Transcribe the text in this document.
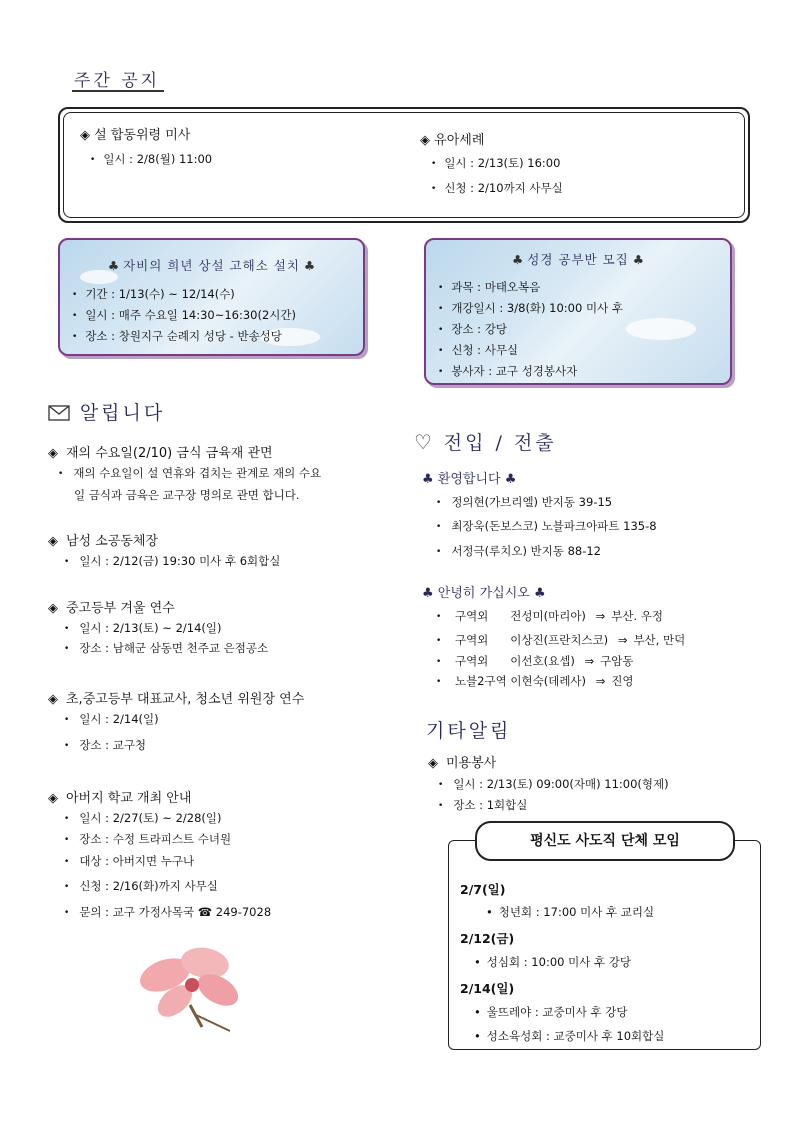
주간 공지
◈ 설 합동위령 미사
• 일시 : 2/8(월) 11:00
◈ 유아세례
• 일시 : 2/13(토) 16:00
• 신청 : 2/10까지 사무실
♣ 자비의 희년 상설 고해소 설치 ♣
• 기간 : 1/13(수) ~ 12/14(수)
• 일시 : 매주 수요일 14:30~16:30(2시간)
• 장소 : 창원지구 순례지 성당 - 반송성당
♣ 성경 공부반 모집 ♣
• 과목 : 마태오복음
• 개강일시 : 3/8(화) 10:00 미사 후
• 장소 : 강당
• 신청 : 사무실
• 봉사자 : 교구 성경봉사자
알립니다
◈ 재의 수요일(2/10) 금식 금육재 관면
• 재의 수요일이 설 연휴와 겹치는 관계로 재의 수요
일 금식과 금육은 교구장 명의로 관면 합니다.
◈ 남성 소공동체장
• 일시 : 2/12(금) 19:30 미사 후 6회합실
◈ 중고등부 겨울 연수
• 일시 : 2/13(토) ~ 2/14(일)
• 장소 : 남해군 삼동면 천주교 은점공소
◈ 초,중고등부 대표교사, 청소년 위원장 연수
• 일시 : 2/14(일)
• 장소 : 교구청
◈ 아버지 학교 개최 안내
• 일시 : 2/27(토) ~ 2/28(일)
• 장소 : 수정 트라피스트 수녀원
• 대상 : 아버지면 누구나
• 신청 : 2/16(화)까지 사무실
• 문의 : 교구 가정사목국 ☎ 249-7028
♡ 전입 / 전출
♣ 환영합니다 ♣
• 정의현(가브리엘) 반지동 39-15
• 최장욱(돈보스코) 노블파크아파트 135-8
• 서정극(루치오) 반지동 88-12
♣ 안녕히 가십시오 ♣
• 구역외 전성미(마리아) ⇒ 부산. 우정
• 구역외 이상진(프란치스코) ⇒ 부산, 만덕
• 구역외 이선호(요셉) ⇒ 구암동
• 노블2구역 이현숙(데레사) ⇒ 진영
기타알림
◈ 미용봉사
• 일시 : 2/13(토) 09:00(자매) 11:00(형제)
• 장소 : 1회합실
평신도 사도직 단체 모임
2/7(일)
• 청년회 : 17:00 미사 후 교리실
2/12(금)
• 성심회 : 10:00 미사 후 강당
2/14(일)
• 울뜨레야 : 교중미사 후 강당
• 성소육성회 : 교중미사 후 10회합실
